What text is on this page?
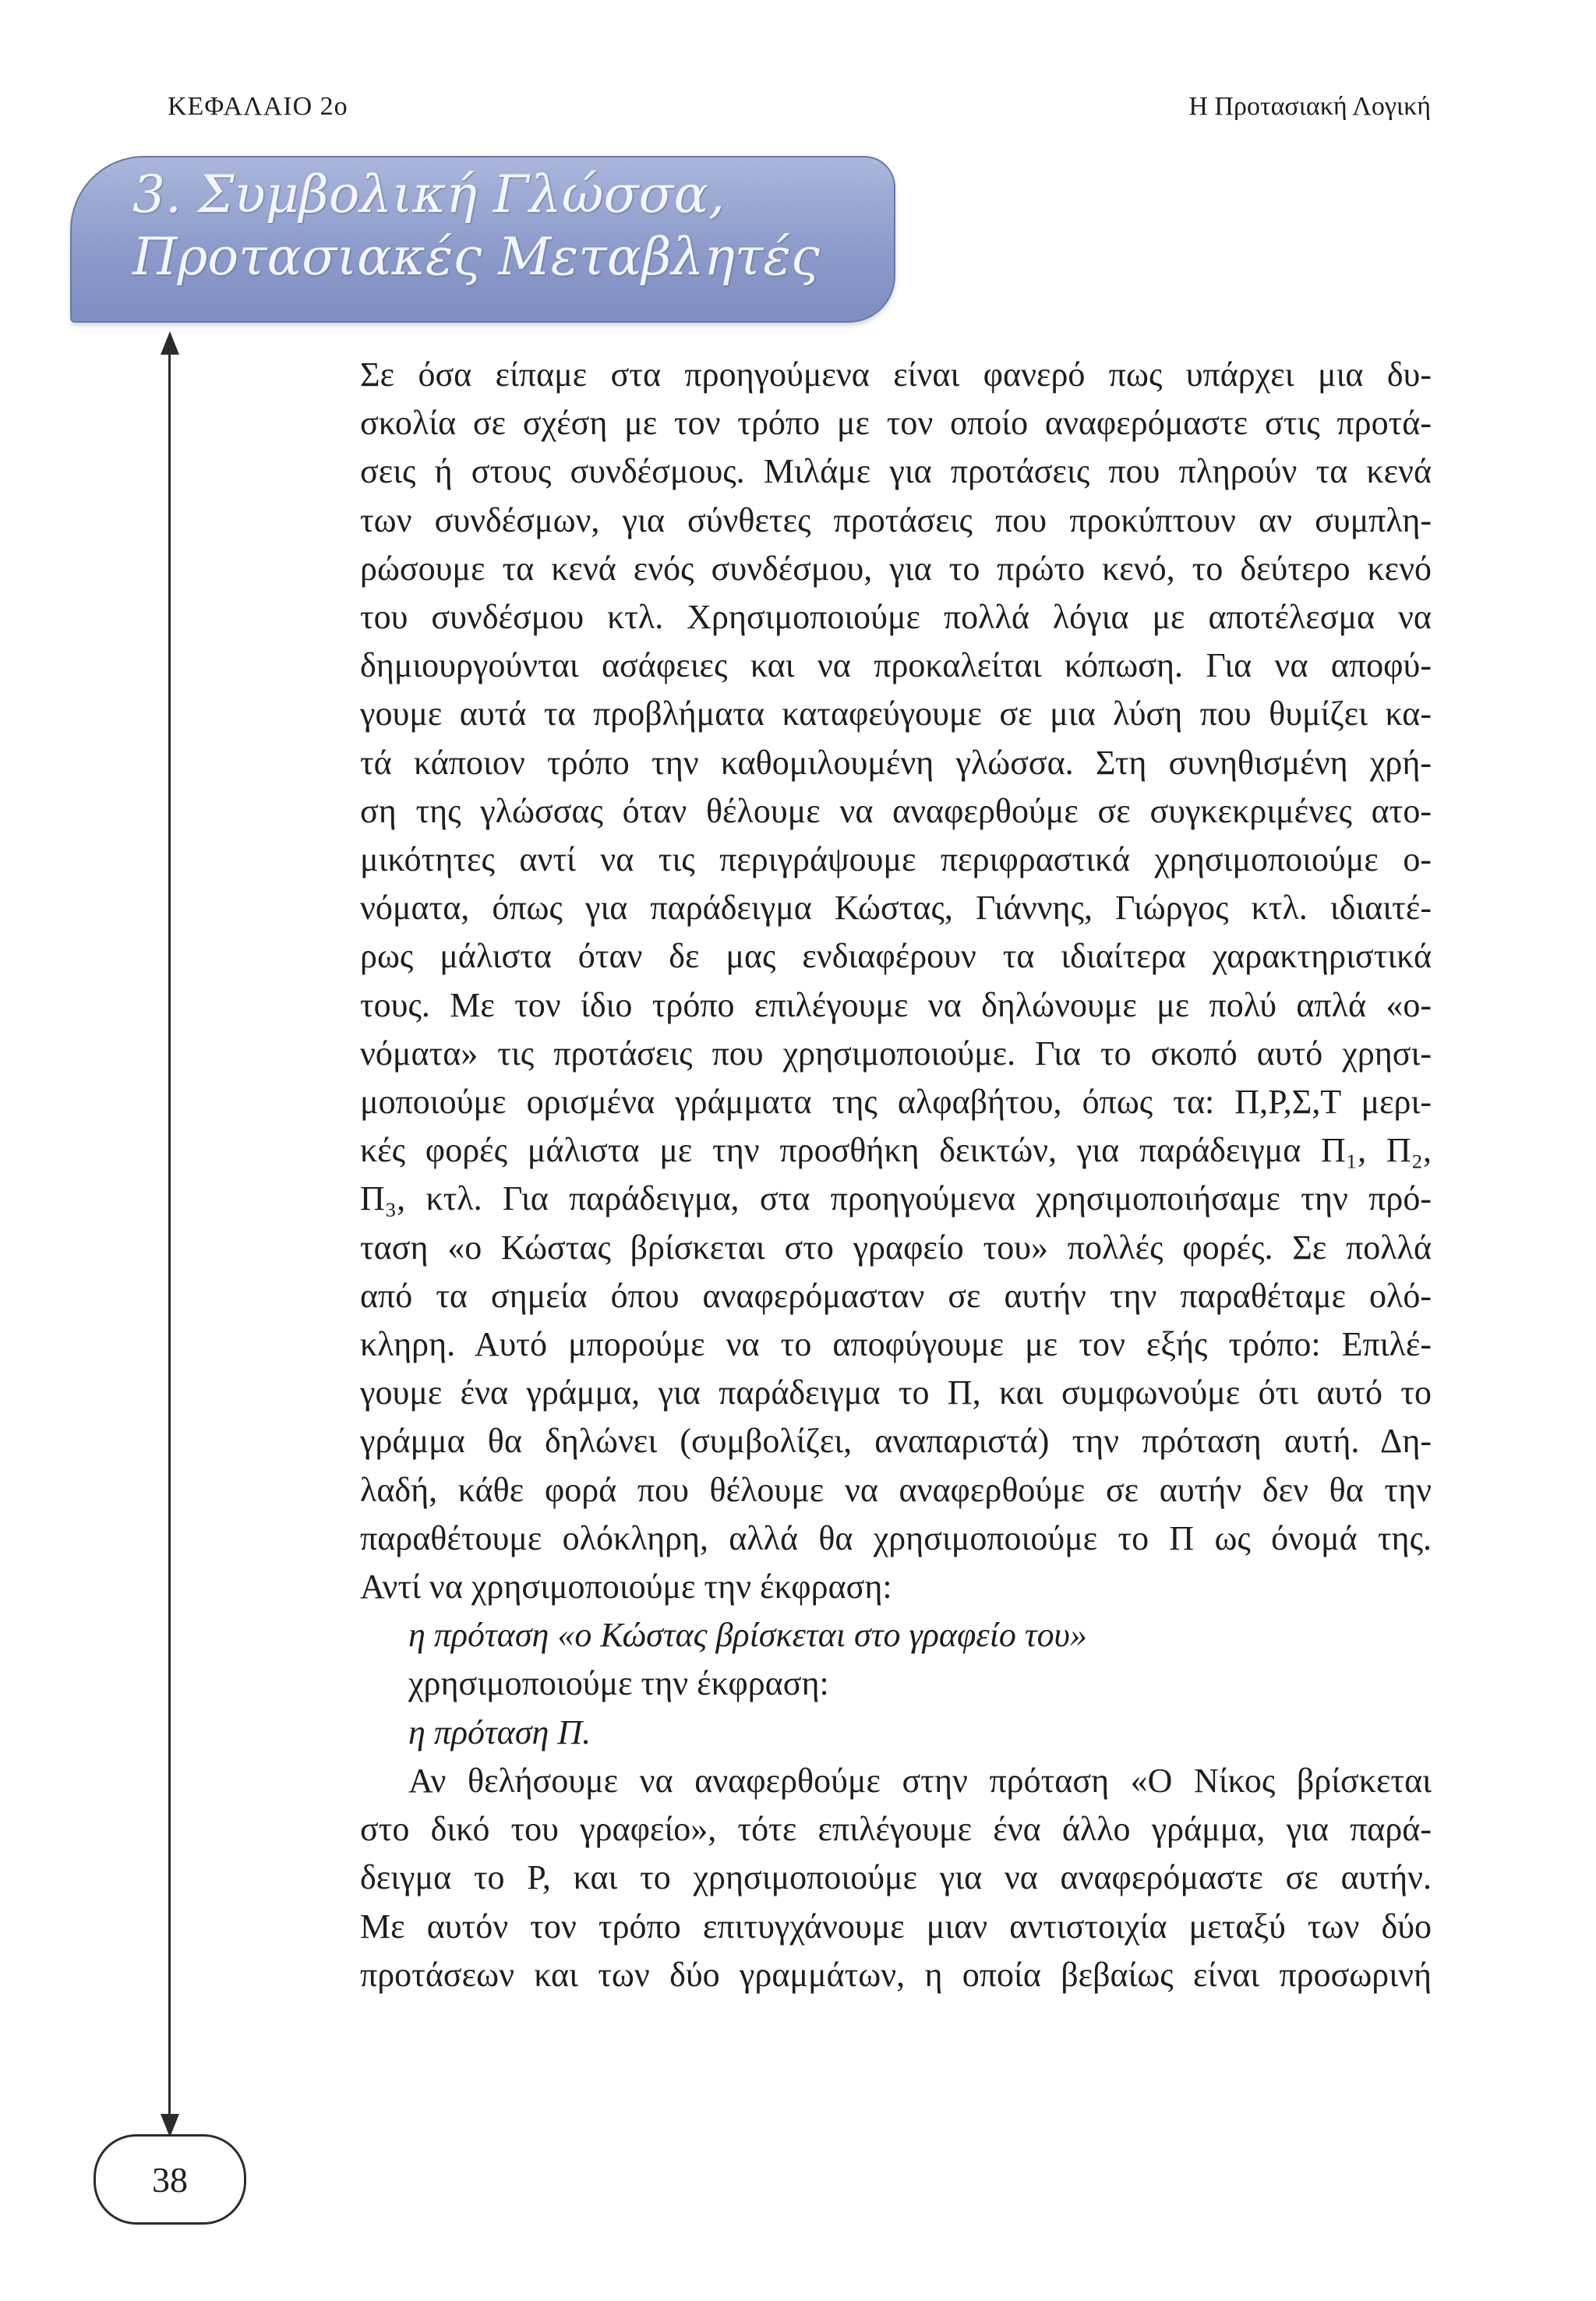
ΚΕΦΑΛΑΙΟ 2ο	Η Προτασιακή Λογική
3. Συμβολική Γλώσσα,
Προτασιακές Μεταβλητές
38
Σε όσα είπαμε στα προηγούμενα είναι φανερό πως υπάρχει μια δυ-
σκολία σε σχέση με τον τρόπο με τον οποίο αναφερόμαστε στις προτά-
σεις ή στους συνδέσμους. Μιλάμε για προτάσεις που πληρούν τα κενά
των συνδέσμων, για σύνθετες προτάσεις που προκύπτουν αν συμπλη-
ρώσουμε τα κενά ενός συνδέσμου, για το πρώτο κενό, το δεύτερο κενό
του συνδέσμου κτλ. Χρησιμοποιούμε πολλά λόγια με αποτέλεσμα να
δημιουργούνται ασάφειες και να προκαλείται κόπωση. Για να αποφύ-
γουμε αυτά τα προβλήματα καταφεύγουμε σε μια λύση που θυμίζει κα-
τά κάποιον τρόπο την καθομιλουμένη γλώσσα. Στη συνηθισμένη χρή-
ση της γλώσσας όταν θέλουμε να αναφερθούμε σε συγκεκριμένες ατο-
μικότητες αντί να τις περιγράψουμε περιφραστικά χρησιμοποιούμε ο-
νόματα, όπως για παράδειγμα Κώστας, Γιάννης, Γιώργος κτλ. ιδιαιτέ-
ρως μάλιστα όταν δε μας ενδιαφέρουν τα ιδιαίτερα χαρακτηριστικά
τους. Με τον ίδιο τρόπο επιλέγουμε να δηλώνουμε με πολύ απλά «ο-
νόματα» τις προτάσεις που χρησιμοποιούμε. Για το σκοπό αυτό χρησι-
μοποιούμε ορισμένα γράμματα της αλφαβήτου, όπως τα: Π,Ρ,Σ,Τ μερι-
κές φορές μάλιστα με την προσθήκη δεικτών, για παράδειγμα Π₁, Π₂,
Π₃, κτλ. Για παράδειγμα, στα προηγούμενα χρησιμοποιήσαμε την πρό-
ταση «ο Κώστας βρίσκεται στο γραφείο του» πολλές φορές. Σε πολλά
από τα σημεία όπου αναφερόμασταν σε αυτήν την παραθέταμε ολό-
κληρη. Αυτό μπορούμε να το αποφύγουμε με τον εξής τρόπο: Επιλέ-
γουμε ένα γράμμα, για παράδειγμα το Π, και συμφωνούμε ότι αυτό το
γράμμα θα δηλώνει (συμβολίζει, αναπαριστά) την πρόταση αυτή. Δη-
λαδή, κάθε φορά που θέλουμε να αναφερθούμε σε αυτήν δεν θα την
παραθέτουμε ολόκληρη, αλλά θα χρησιμοποιούμε το Π ως όνομά της.
Αντί να χρησιμοποιούμε την έκφραση:
η πρόταση «ο Κώστας βρίσκεται στο γραφείο του»
χρησιμοποιούμε την έκφραση:
η πρόταση Π.
Αν θελήσουμε να αναφερθούμε στην πρόταση «Ο Νίκος βρίσκεται
στο δικό του γραφείο», τότε επιλέγουμε ένα άλλο γράμμα, για παρά-
δειγμα το Ρ, και το χρησιμοποιούμε για να αναφερόμαστε σε αυτήν.
Με αυτόν τον τρόπο επιτυγχάνουμε μιαν αντιστοιχία μεταξύ των δύο
προτάσεων και των δύο γραμμάτων, η οποία βεβαίως είναι προσωρινή
